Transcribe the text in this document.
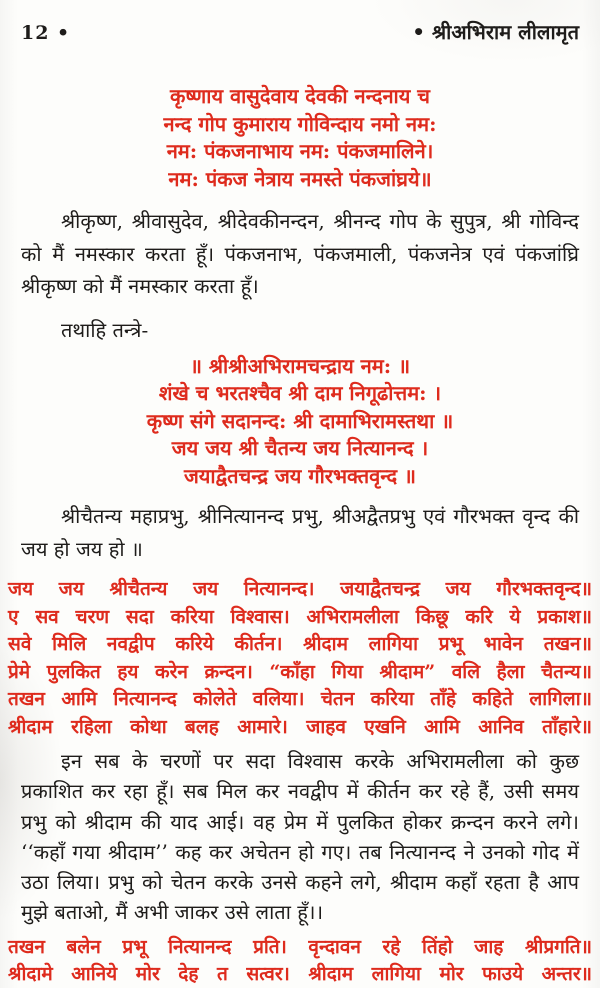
12 •	• श्रीअभिराम लीलामृत
कृष्णाय वासुदेवाय देवकी नन्दनाय च
नन्द गोप कुमाराय गोविन्दाय नमो नम:
नम: पंकजनाभाय नम: पंकजमालिने।
नम: पंकज नेत्राय नमस्ते पंकजांघ्रये॥
श्रीकृष्ण, श्रीवासुदेव, श्रीदेवकीनन्दन, श्रीनन्द गोप के सुपुत्र, श्री गोविन्द को मैं नमस्कार करता हूँ। पंकजनाभ, पंकजमाली, पंकजनेत्र एवं पंकजांघ्रि श्रीकृष्ण को मैं नमस्कार करता हूँ।
तथाहि तन्त्रे-
॥ श्रीश्रीअभिरामचन्द्राय नम: ॥
शंखे च भरतश्चैव श्री दाम निगूढोत्तम: ।
कृष्ण संगे सदानन्द: श्री दामाभिरामस्तथा ॥
जय जय श्री चैतन्य जय नित्यानन्द ।
जयाद्वैतचन्द्र जय गौरभक्तवृन्द ॥
श्रीचैतन्य महाप्रभु, श्रीनित्यानन्द प्रभु, श्रीअद्वैतप्रभु एवं गौरभक्त वृन्द की जय हो जय हो ॥
जय जय श्रीचैतन्य जय नित्यानन्द। जयाद्वैतचन्द्र जय गौरभक्तवृन्द॥
ए सव चरण सदा करिया विश्वास। अभिरामलीला किछू करि ये प्रकाश॥
सवे मिलि नवद्वीप करिये कीर्तन। श्रीदाम लागिया प्रभू भावेन तखन॥
प्रेमे पुलकित हय करेन क्रन्दन। “काँहा गिया श्रीदाम” वलि हैला चैतन्य॥
तखन आमि नित्यानन्द कोलेते वलिया। चेतन करिया ताँहे कहिते लागिला॥
श्रीदाम रहिला कोथा बलह आमारे। जाहव एखनि आमि आनिव ताँहारे॥
इन सब के चरणों पर सदा विश्वास करके अभिरामलीला को कुछ प्रकाशित कर रहा हूँ। सब मिल कर नवद्वीप में कीर्तन कर रहे हैं, उसी समय प्रभु को श्रीदाम की याद आई। वह प्रेम में पुलकित होकर क्रन्दन करने लगे। ‘‘कहाँ गया श्रीदाम’’ कह कर अचेतन हो गए। तब नित्यानन्द ने उनको गोद में उठा लिया। प्रभु को चेतन करके उनसे कहने लगे, श्रीदाम कहाँ रहता है आप मुझे बताओ, मैं अभी जाकर उसे लाता हूँ।।
तखन बलेन प्रभू नित्यानन्द प्रति। वृन्दावन रहे तिंहो जाह श्रीप्रगति॥
श्रीदामे आनिये मोर देह त सत्वर। श्रीदाम लागिया मोर फाउये अन्तर॥
